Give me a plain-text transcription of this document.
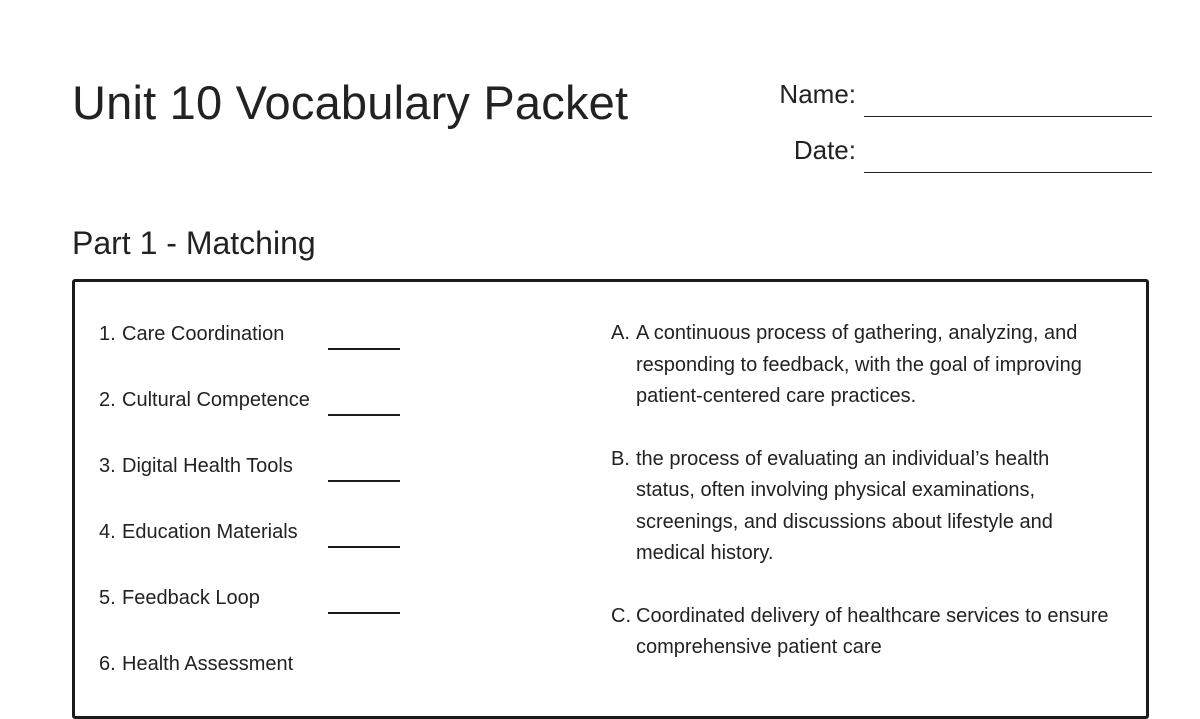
Unit 10 Vocabulary Packet	Name:
Date:
Part 1 - Matching
1. Care Coordination
2. Cultural Competence
3. Digital Health Tools
4. Education Materials
5. Feedback Loop
6. Health Assessment
A. A continuous process of gathering, analyzing, and responding to feedback, with the goal of improving patient-centered care practices.

B. the process of evaluating an individual’s health status, often involving physical examinations, screenings, and discussions about lifestyle and medical history.

C. Coordinated delivery of healthcare services to ensure comprehensive patient care
